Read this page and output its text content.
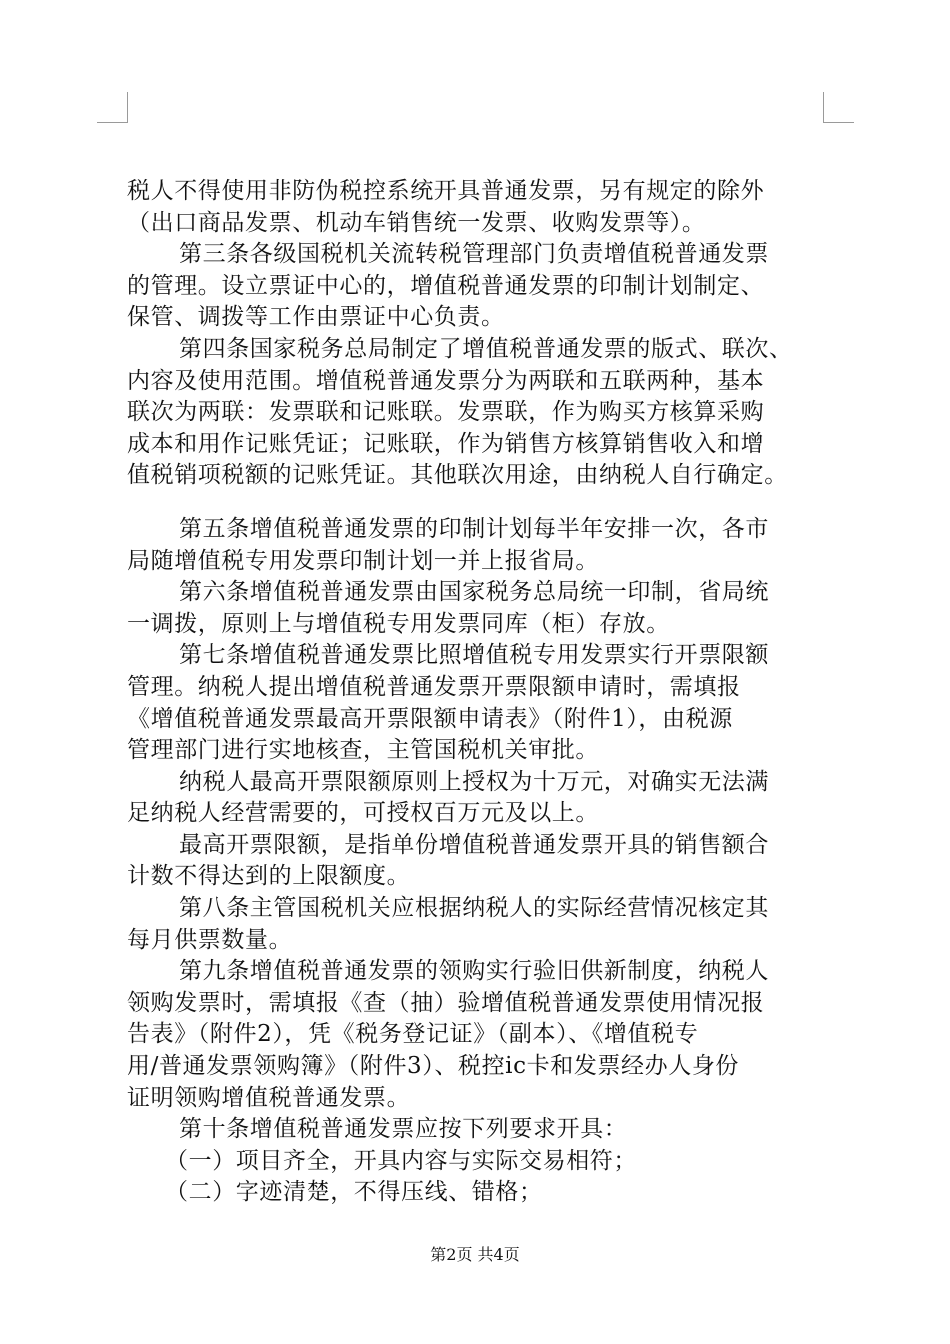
税人不得使用非防伪税控系统开具普通发票，另有规定的除外
（出口商品发票、机动车销售统一发票、收购发票等）。
第三条各级国税机关流转税管理部门负责增值税普通发票
的管理。设立票证中心的，增值税普通发票的印制计划制定、
保管、调拨等工作由票证中心负责。
第四条国家税务总局制定了增值税普通发票的版式、联次、
内容及使用范围。增值税普通发票分为两联和五联两种，基本
联次为两联：发票联和记账联。发票联，作为购买方核算采购
成本和用作记账凭证；记账联，作为销售方核算销售收入和增
值税销项税额的记账凭证。其他联次用途，由纳税人自行确定。
第五条增值税普通发票的印制计划每半年安排一次，各市
局随增值税专用发票印制计划一并上报省局。
第六条增值税普通发票由国家税务总局统一印制，省局统
一调拨，原则上与增值税专用发票同库（柜）存放。
第七条增值税普通发票比照增值税专用发票实行开票限额
管理。纳税人提出增值税普通发票开票限额申请时，需填报
《增值税普通发票最高开票限额申请表》（附件1），由税源
管理部门进行实地核查，主管国税机关审批。
纳税人最高开票限额原则上授权为十万元，对确实无法满
足纳税人经营需要的，可授权百万元及以上。
最高开票限额，是指单份增值税普通发票开具的销售额合
计数不得达到的上限额度。
第八条主管国税机关应根据纳税人的实际经营情况核定其
每月供票数量。
第九条增值税普通发票的领购实行验旧供新制度，纳税人
领购发票时，需填报《查（抽）验增值税普通发票使用情况报
告表》（附件2），凭《税务登记证》（副本）、《增值税专
用/普通发票领购簿》（附件3）、税控ic卡和发票经办人身份
证明领购增值税普通发票。
第十条增值税普通发票应按下列要求开具：
（一）项目齐全，开具内容与实际交易相符；
（二）字迹清楚，不得压线、错格；
第2页 共4页
